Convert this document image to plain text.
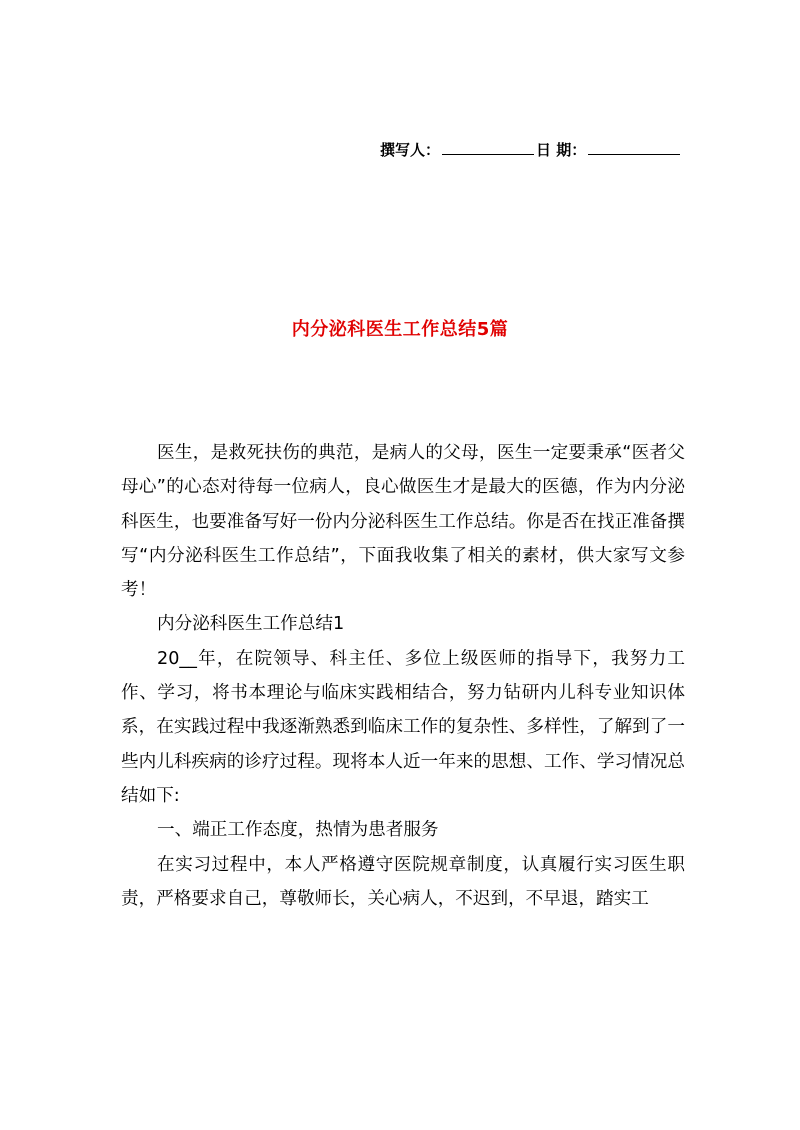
撰写人：	日 期：
内分泌科医生工作总结5篇

医生，是救死扶伤的典范，是病人的父母，医生一定要秉承“医者父母心”的心态对待每一位病人，良心做医生才是最大的医德，作为内分泌科医生，也要准备写好一份内分泌科医生工作总结。你是否在找正准备撰写“内分泌科医生工作总结”，下面我收集了相关的素材，供大家写文参考！

内分泌科医生工作总结1

20__年，在院领导、科主任、多位上级医师的指导下，我努力工作、学习，将书本理论与临床实践相结合，努力钻研内儿科专业知识体系，在实践过程中我逐渐熟悉到临床工作的复杂性、多样性，了解到了一些内儿科疾病的诊疗过程。现将本人近一年来的思想、工作、学习情况总结如下:

一、端正工作态度，热情为患者服务

在实习过程中，本人严格遵守医院规章制度，认真履行实习医生职责，严格要求自己，尊敬师长，关心病人，不迟到，不早退，踏实工
